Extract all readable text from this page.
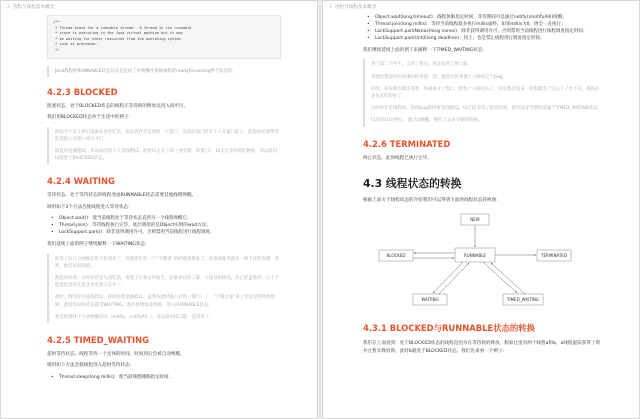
3 进程与线程基本概念
/**
* Thread state for a runnable thread.  A thread in the runnable
* state is executing in the Java virtual machine but it may
* be waiting for other resources from the operating system
* such as processor.
*/

Java线程的RUNNABLE状态其实是包括了传统操作系统线程的ready和running两个状态的。

4.2.3 BLOCKED

阻塞状态。处于BLOCKED状态的线程正等待锁的释放以进入同步区。

我们用BLOCKED状态举个生活中的例子：

假如今天你下班后准备去食堂吃饭。你来到食堂仅有的一个窗口，发现前面已经有个人在窗口前了，此时你必须得等前面的人从窗口离开才行。

假设你是线程t2，你前面的那个人是线程t1。此时t1占有了锁（食堂唯一的窗口），t2正在等待锁的释放，所以此时t2就处于BLOCKED状态。

4.2.4 WAITING

等待状态。处于等待状态的线程变成RUNNABLE状态需要其他线程唤醒。

调用如下3个方法会使线程进入等待状态：

• Object.wait()：使当前线程处于等待状态直到另一个线程唤醒它；
• Thread.join()：等待线程执行完毕，底层调用的是Object实例的wait方法；
• LockSupport.park()：除非获得调用许可，否则禁用当前线程进行线程调度。

我们延续上面的例子继续解释一下WAITING状态：

你等了好几分钟现在终于轮到你了，突然你们有一个“不懂事”的经理突然来了。你看到他你就有一种不祥的预感，果然，他是来找你的。

他把你拉到一旁叫你待会儿再吃饭，说他下午要去作报告，赶紧来找你了解一下项目的情况。你心里虽然有一万个不愿意但是你还是从食堂窗口走开了。

此时，假设你还是线程t2，你的经理是线程t1。虽然你此时都占有锁（窗口）了，“不速之客”来了你还是得释放掉锁。此时你t2的状态就是WAITING。然后经理t1获得锁，进入RUNNABLE状态。

要是经理t1不主动唤醒你t2（notify、notifyAll..），可以说你t2只能一直等待了。

4.2.5 TIMED_WAITING

超时等待状态。线程等待一个具体的时间，时间到后会被自动唤醒。

调用如下方法会使线程进入超时等待状态：

• Thread.sleep(long millis)：使当前线程睡眠指定时间；
3 进程与线程基本概念
• Object.wait(long timeout)：线程休眠指定时间，等待期间可以通过notify()/notifyAll()唤醒；
• Thread.join(long millis)：等待当前线程最多执行millis毫秒，如果millis为0，则会一直执行；
• LockSupport.parkNanos(long nanos)：除非获得调用许可，否则禁用当前线程进行线程调度指定时间；
• LockSupport.parkUntil(long deadline)：同上，也是禁止线程进行调度指定时间；

我们继续延续上面的例子来解释一下TIMED_WAITING状态：

到了第二天中午，又到了饭点，你还是到了窗口前。

突然你想起你的同事叫你等他一起，他说让你等他十分钟改完个bug。

好吧，你说那你就等等吧，你就离开了窗口。很快十分钟过去了，你见他还没来，你想都等了这么久了还不来，那你还是先去吃饭好了。

这时你还是线程t1，你改bug的同事是线程t2。t2让t1等待了指定时间，此时t1等待期间就属于TIMED_WATING状态。

t1等待10分钟后，就自动唤醒，拥有了去争夺锁的资格。

4.2.6 TERMINATED

终止状态。此时线程已执行完毕。

4.3 线程状态的转换

根据上面关于线程状态的介绍我们可以得到下面的线程状态转换图：

NEW
RUNNABLE
BLOCKED
WAITING	TIMED_WAITING
TERMINATED
4.3.1 BLOCKED与RUNNABLE状态的转换

我们在上面说到：处于BLOCKED状态的线程是因为在等待锁的释放。假如这里有两个线程a和b，a线程提前获得了锁并且暂未释放锁，此时b就处于BLOCKED状态。我们先来看一个例子：
